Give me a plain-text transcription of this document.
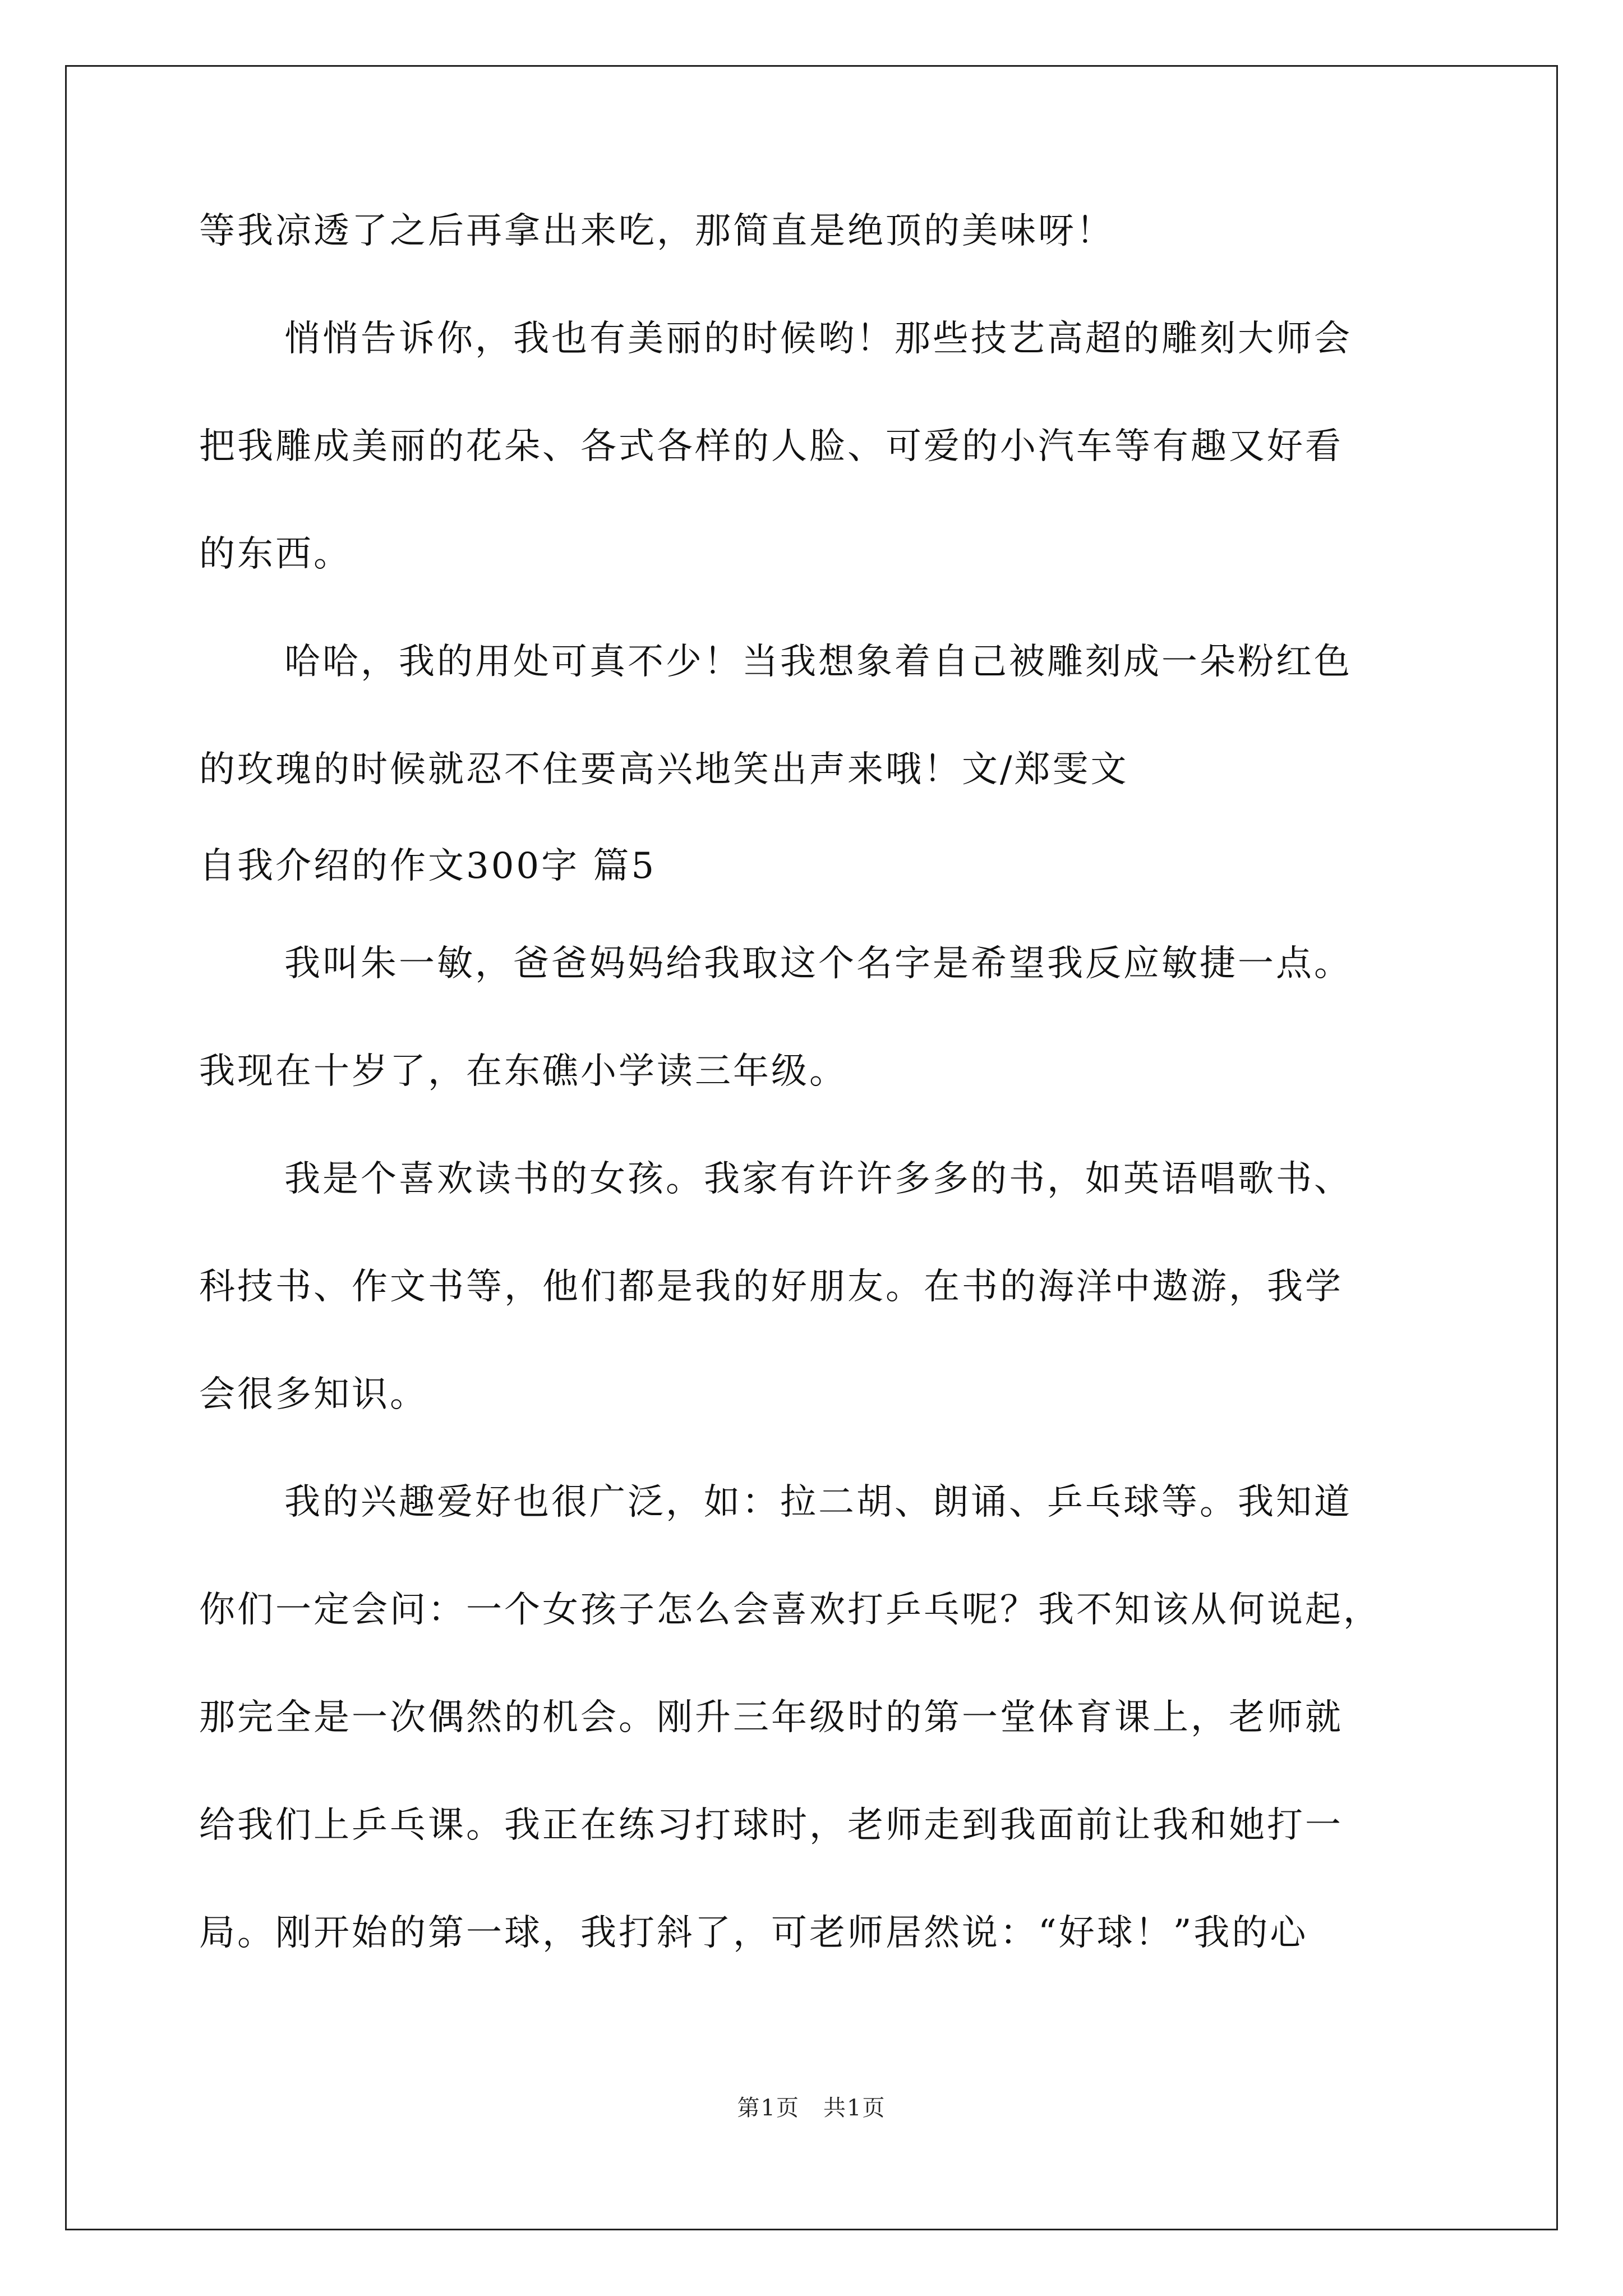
等我凉透了之后再拿出来吃，那简直是绝顶的美味呀！
悄悄告诉你，我也有美丽的时候哟！那些技艺高超的雕刻大师会
把我雕成美丽的花朵、各式各样的人脸、可爱的小汽车等有趣又好看
的东西。
哈哈，我的用处可真不少！当我想象着自己被雕刻成一朵粉红色
的玫瑰的时候就忍不住要高兴地笑出声来哦！文/郑雯文
自我介绍的作文300字 篇5
我叫朱一敏，爸爸妈妈给我取这个名字是希望我反应敏捷一点。
我现在十岁了，在东礁小学读三年级。
我是个喜欢读书的女孩。我家有许许多多的书，如英语唱歌书、
科技书、作文书等，他们都是我的好朋友。在书的海洋中遨游，我学
会很多知识。
我的兴趣爱好也很广泛，如：拉二胡、朗诵、乒乓球等。我知道
你们一定会问：一个女孩子怎么会喜欢打乒乓呢？我不知该从何说起，
那完全是一次偶然的机会。刚升三年级时的第一堂体育课上，老师就
给我们上乒乓课。我正在练习打球时，老师走到我面前让我和她打一
局。刚开始的第一球，我打斜了，可老师居然说：“好球！”我的心
第1页　共1页
